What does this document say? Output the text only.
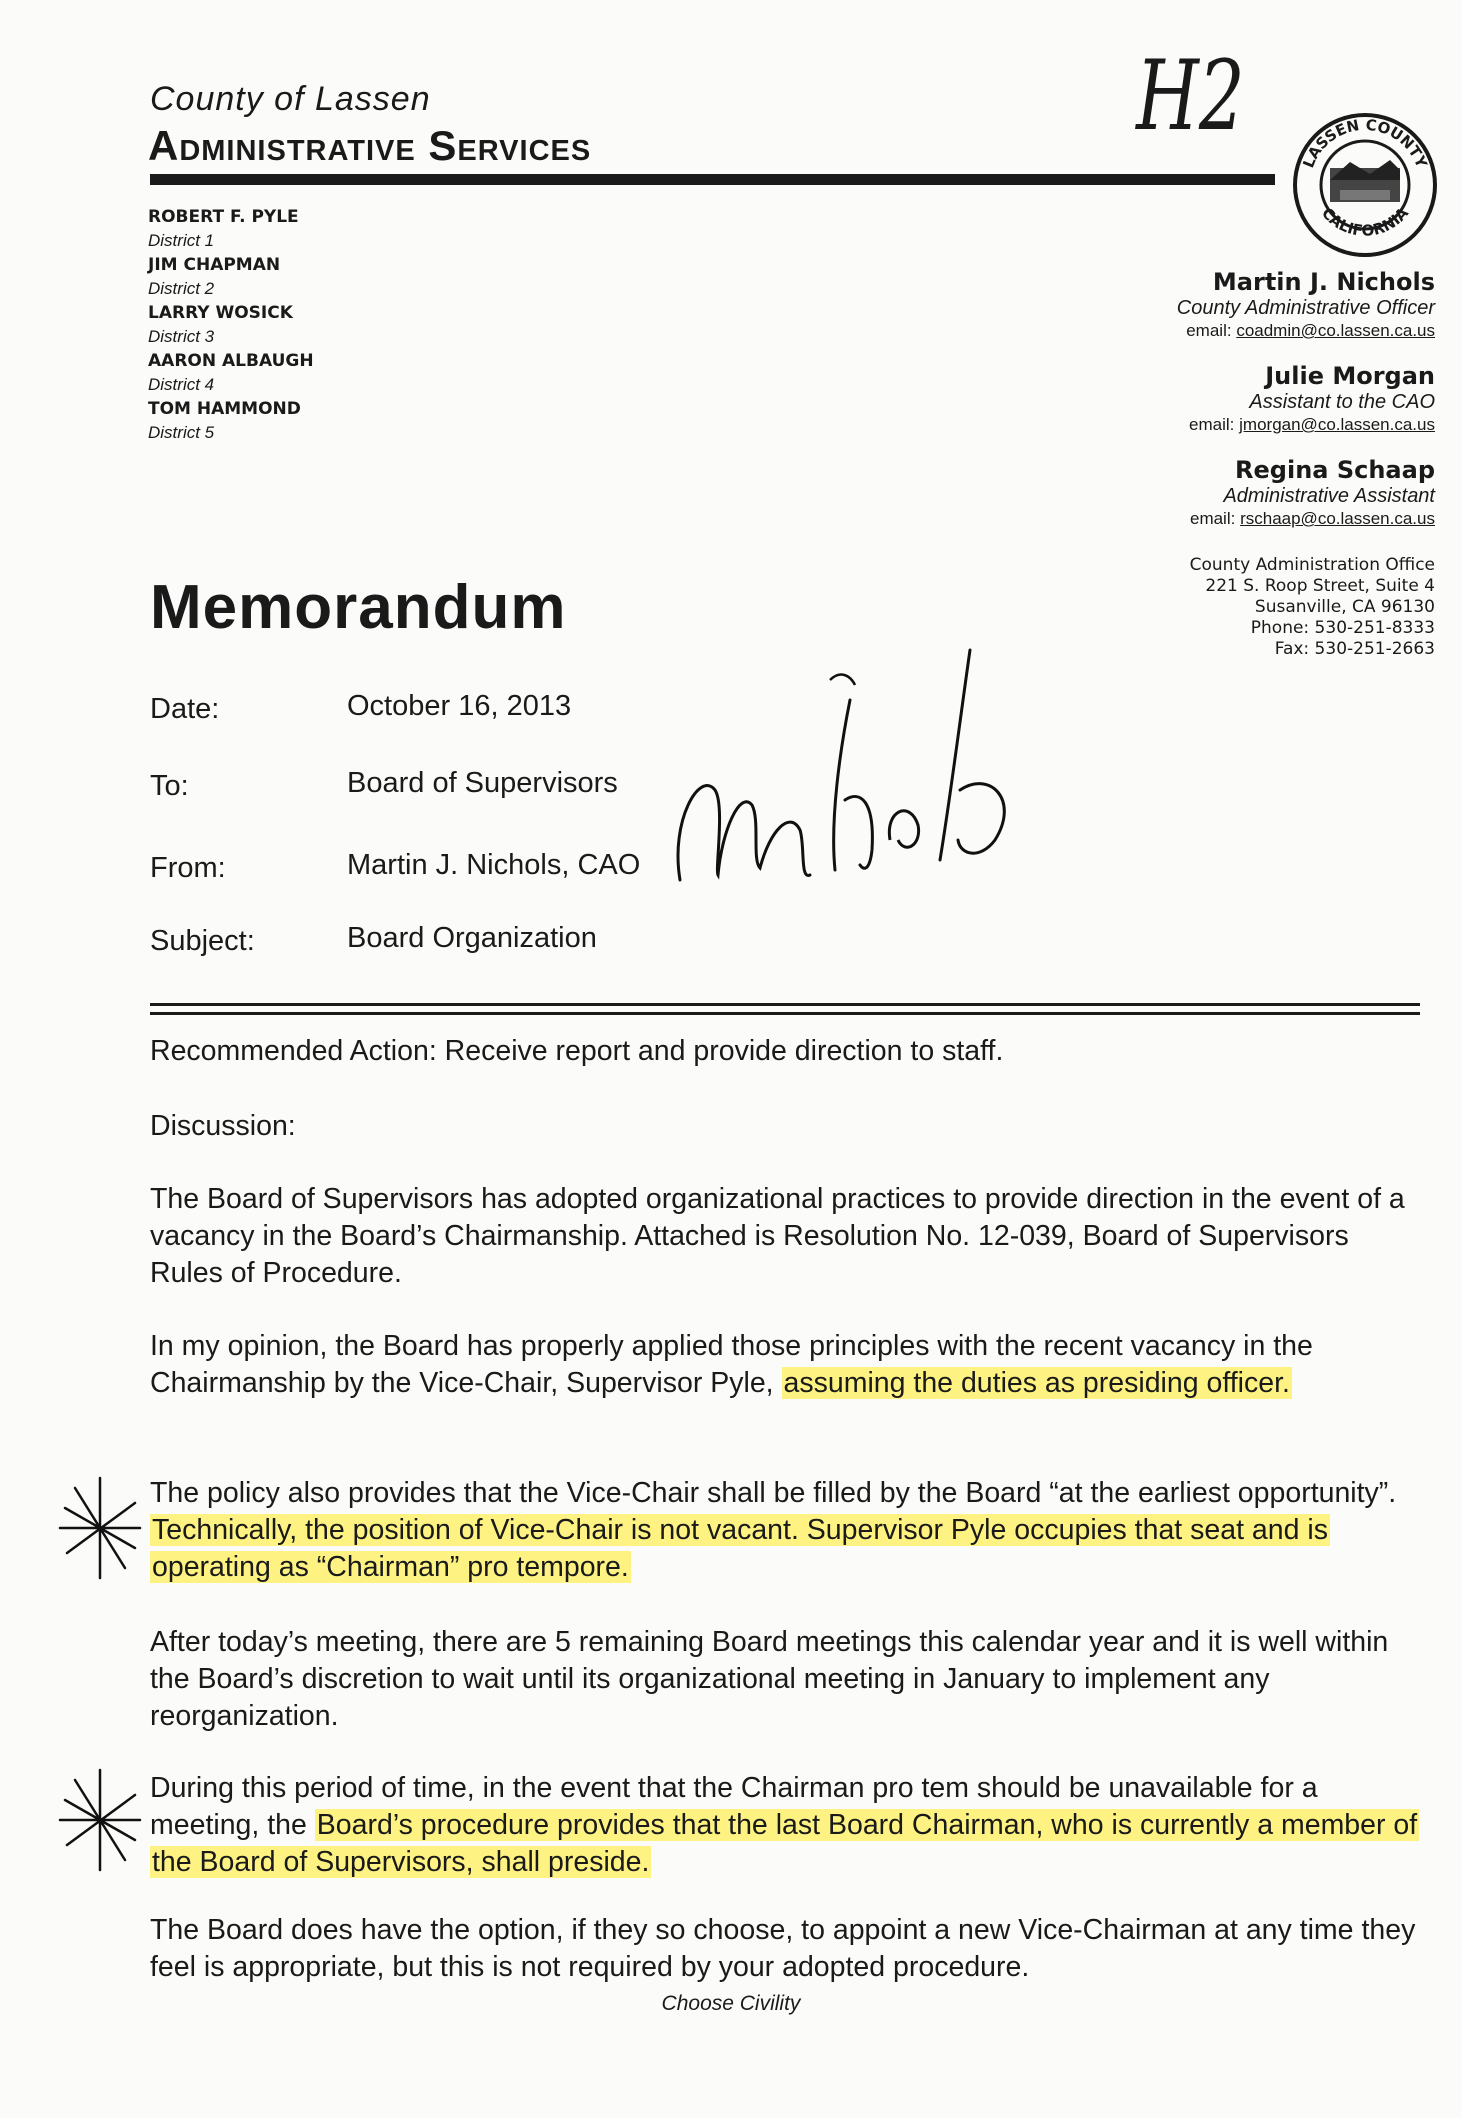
County of Lassen
Administrative Services	H2
LASSEN COUNTY
CALIFORNIA
ROBERT F. PYLE
District 1
JIM CHAPMAN
District 2
LARRY WOSICK
District 3
AARON ALBAUGH
District 4
TOM HAMMOND
District 5
Martin J. Nichols
County Administrative Officer
email: coadmin@co.lassen.ca.us
Julie Morgan
Assistant to the CAO
email: jmorgan@co.lassen.ca.us
Regina Schaap
Administrative Assistant
email: rschaap@co.lassen.ca.us
County Administration Office
221 S. Roop Street, Suite 4
Susanville, CA 96130
Phone: 530-251-8333
Fax: 530-251-2663
Memorandum
Date:	October 16, 2013
To:	Board of Supervisors
From:	Martin J. Nichols, CAO
Subject:	Board Organization
Recommended Action: Receive report and provide direction to staff.
Discussion:
The Board of Supervisors has adopted organizational practices to provide direction in the event of a vacancy in the Board’s Chairmanship. Attached is Resolution No. 12-039, Board of Supervisors Rules of Procedure.
In my opinion, the Board has properly applied those principles with the recent vacancy in the Chairmanship by the Vice-Chair, Supervisor Pyle, assuming the duties as presiding officer.
The policy also provides that the Vice-Chair shall be filled by the Board “at the earliest opportunity”. Technically, the position of Vice-Chair is not vacant. Supervisor Pyle occupies that seat and is operating as “Chairman” pro tempore.
After today’s meeting, there are 5 remaining Board meetings this calendar year and it is well within the Board’s discretion to wait until its organizational meeting in January to implement any reorganization.
During this period of time, in the event that the Chairman pro tem should be unavailable for a meeting, the Board’s procedure provides that the last Board Chairman, who is currently a member of the Board of Supervisors, shall preside.
The Board does have the option, if they so choose, to appoint a new Vice-Chairman at any time they feel is appropriate, but this is not required by your adopted procedure.
Choose Civility
